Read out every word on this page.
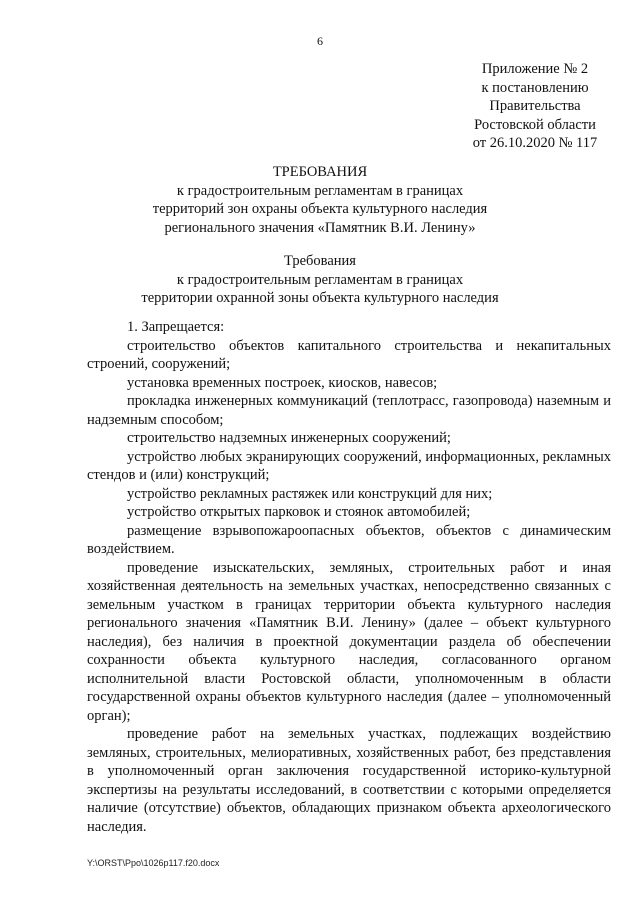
6
Приложение № 2
к постановлению
Правительства
Ростовской области
от 26.10.2020 № 117
ТРЕБОВАНИЯ
к градостроительным регламентам в границах
территорий зон охраны объекта культурного наследия
регионального значения «Памятник В.И. Ленину»
Требования
к градостроительным регламентам в границах
территории охранной зоны объекта культурного наследия

1. Запрещается:

строительство объектов капитального строительства и некапитальных строений, сооружений;

установка временных построек, киосков, навесов;

прокладка инженерных коммуникаций (теплотрасс, газопровода) наземным и надземным способом;

строительство надземных инженерных сооружений;

устройство любых экранирующих сооружений, информационных, рекламных стендов и (или) конструкций;

устройство рекламных растяжек или конструкций для них;

устройство открытых парковок и стоянок автомобилей;

размещение взрывопожароопасных объектов, объектов с динамическим воздействием.

проведение изыскательских, земляных, строительных работ и иная хозяйственная деятельность на земельных участках, непосредственно связанных с земельным участком в границах территории объекта культурного наследия регионального значения «Памятник В.И. Ленину» (далее – объект культурного наследия), без наличия в проектной документации раздела об обеспечении сохранности объекта культурного наследия, согласованного органом исполнительной власти Ростовской области, уполномоченным в области государственной охраны объектов культурного наследия (далее – уполномоченный орган);

проведение работ на земельных участках, подлежащих воздействию земляных, строительных, мелиоративных, хозяйственных работ, без представления в уполномоченный орган заключения государственной историко-культурной экспертизы на результаты исследований, в соответствии с которыми определяется наличие (отсутствие) объектов, обладающих признаком объекта археологического наследия.

Y:\ORST\Ppo\1026p117.f20.docx
